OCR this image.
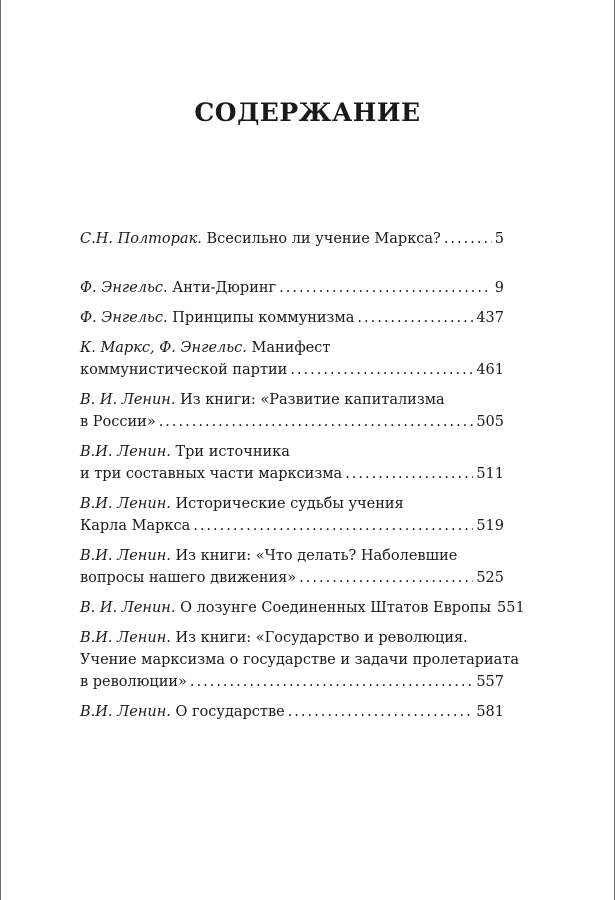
СОДЕРЖАНИЕ
С.Н. Полторак. Всесильно ли учение Маркса? .....	5
Ф. Энгельс. Анти-Дюринг .....	9
Ф. Энгельс. Принципы коммунизма .....	437
К. Маркс, Ф. Энгельс. Манифест
коммунистической партии .....	461
В. И. Ленин. Из книги: «Развитие капитализма
в России» .....	505
В.И. Ленин. Три источника
и три составных части марксизма .....	511
В.И. Ленин. Исторические судьбы учения
Карла Маркса .....	519
В.И. Ленин. Из книги: «Что делать? Наболевшие
вопросы нашего движения» .....	525
В. И. Ленин. О лозунге Соединенных Штатов Европы 551
В.И. Ленин. Из книги: «Государство и революция.
Учение марксизма о государстве и задачи пролетариата
в революции» .....	557
В.И. Ленин. О государстве .....	581
